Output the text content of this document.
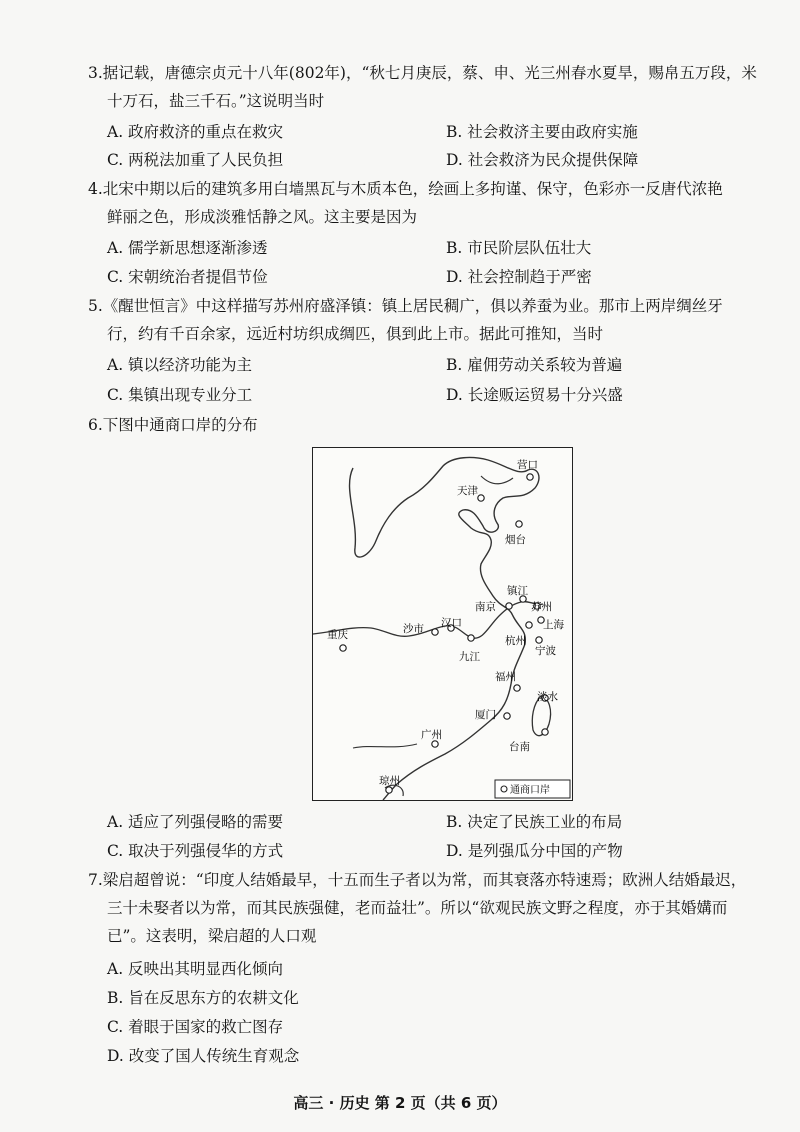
3.据记载，唐德宗贞元十八年(802年)，“秋七月庚辰，蔡、申、光三州春水夏旱，赐帛五万段，米

十万石，盐三千石。”这说明当时

A. 政府救济的重点在救灾	B. 社会救济主要由政府实施
C. 两税法加重了人民负担	D. 社会救济为民众提供保障

4.北宋中期以后的建筑多用白墙黑瓦与木质本色，绘画上多拘谨、保守，色彩亦一反唐代浓艳

鲜丽之色，形成淡雅恬静之风。这主要是因为

A. 儒学新思想逐渐渗透	B. 市民阶层队伍壮大
C. 宋朝统治者提倡节俭	D. 社会控制趋于严密

5.《醒世恒言》中这样描写苏州府盛泽镇：镇上居民稠广，俱以养蚕为业。那市上两岸绸丝牙

行，约有千百余家，远近村坊织成绸匹，俱到此上市。据此可推知，当时

A. 镇以经济功能为主	B. 雇佣劳动关系较为普遍
C. 集镇出现专业分工	D. 长途贩运贸易十分兴盛

6.下图中通商口岸的分布

营口
天津
烟台
镇江
南京	苏州
上海
汉口
沙市
重庆	杭州
宁波
九江
福州
淡水
厦门
广州
台南
琼州
通商口岸
A. 适应了列强侵略的需要	B. 决定了民族工业的布局
C. 取决于列强侵华的方式	D. 是列强瓜分中国的产物

7.梁启超曾说：“印度人结婚最早，十五而生子者以为常，而其衰落亦特速焉；欧洲人结婚最迟，

三十未娶者以为常，而其民族强健，老而益壮”。所以“欲观民族文野之程度，亦于其婚媾而

已”。这表明，梁启超的人口观

A. 反映出其明显西化倾向
B. 旨在反思东方的农耕文化
C. 着眼于国家的救亡图存
D. 改变了国人传统生育观念
高三 · 历史 第 2 页（共 6 页）
